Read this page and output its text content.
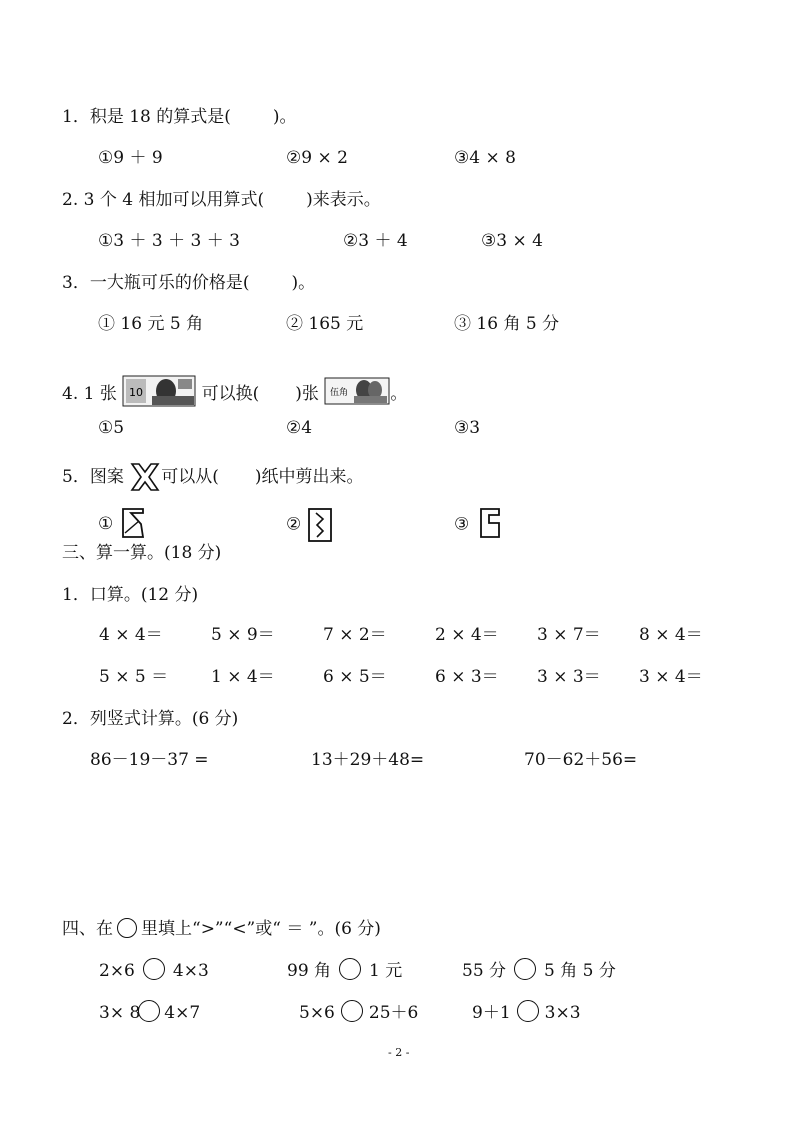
1．积是 18 的算式是( )。
①9 ＋ 9	②9 × 2	③4 × 8
2. 3 个 4 相加可以用算式( )来表示。
①3 ＋ 3 ＋ 3 ＋ 3	②3 ＋ 4	③3 × 4
3．一大瓶可乐的价格是( )。
① 16 元 5 角	② 165 元	③ 16 角 5 分
4. 1 张 10	可以换( )张 伍角 。
①5	②4	③3
5．图案 可以从( )纸中剪出来。
①	②	③
三、算一算。(18 分)
1．口算。(12 分)
4 × 4＝	5 × 9＝	7 × 2＝	2 × 4＝ 3 × 7＝ 8 × 4＝
5 × 5 ＝	1 × 4＝	6 × 5＝	6 × 3＝ 3 × 3＝ 3 × 4＝
2．列竖式计算。(6 分)
86－19－37 =	13＋29＋48=	70－62＋56=
四、在 里填上“>”“<”或“ ＝ ”。(6 分)
2×6 4×3	99 角 1 元	55 分 5 角 5 分
3× 8 4×7	5×6 25＋6	9＋1 3×3
- 2 -
